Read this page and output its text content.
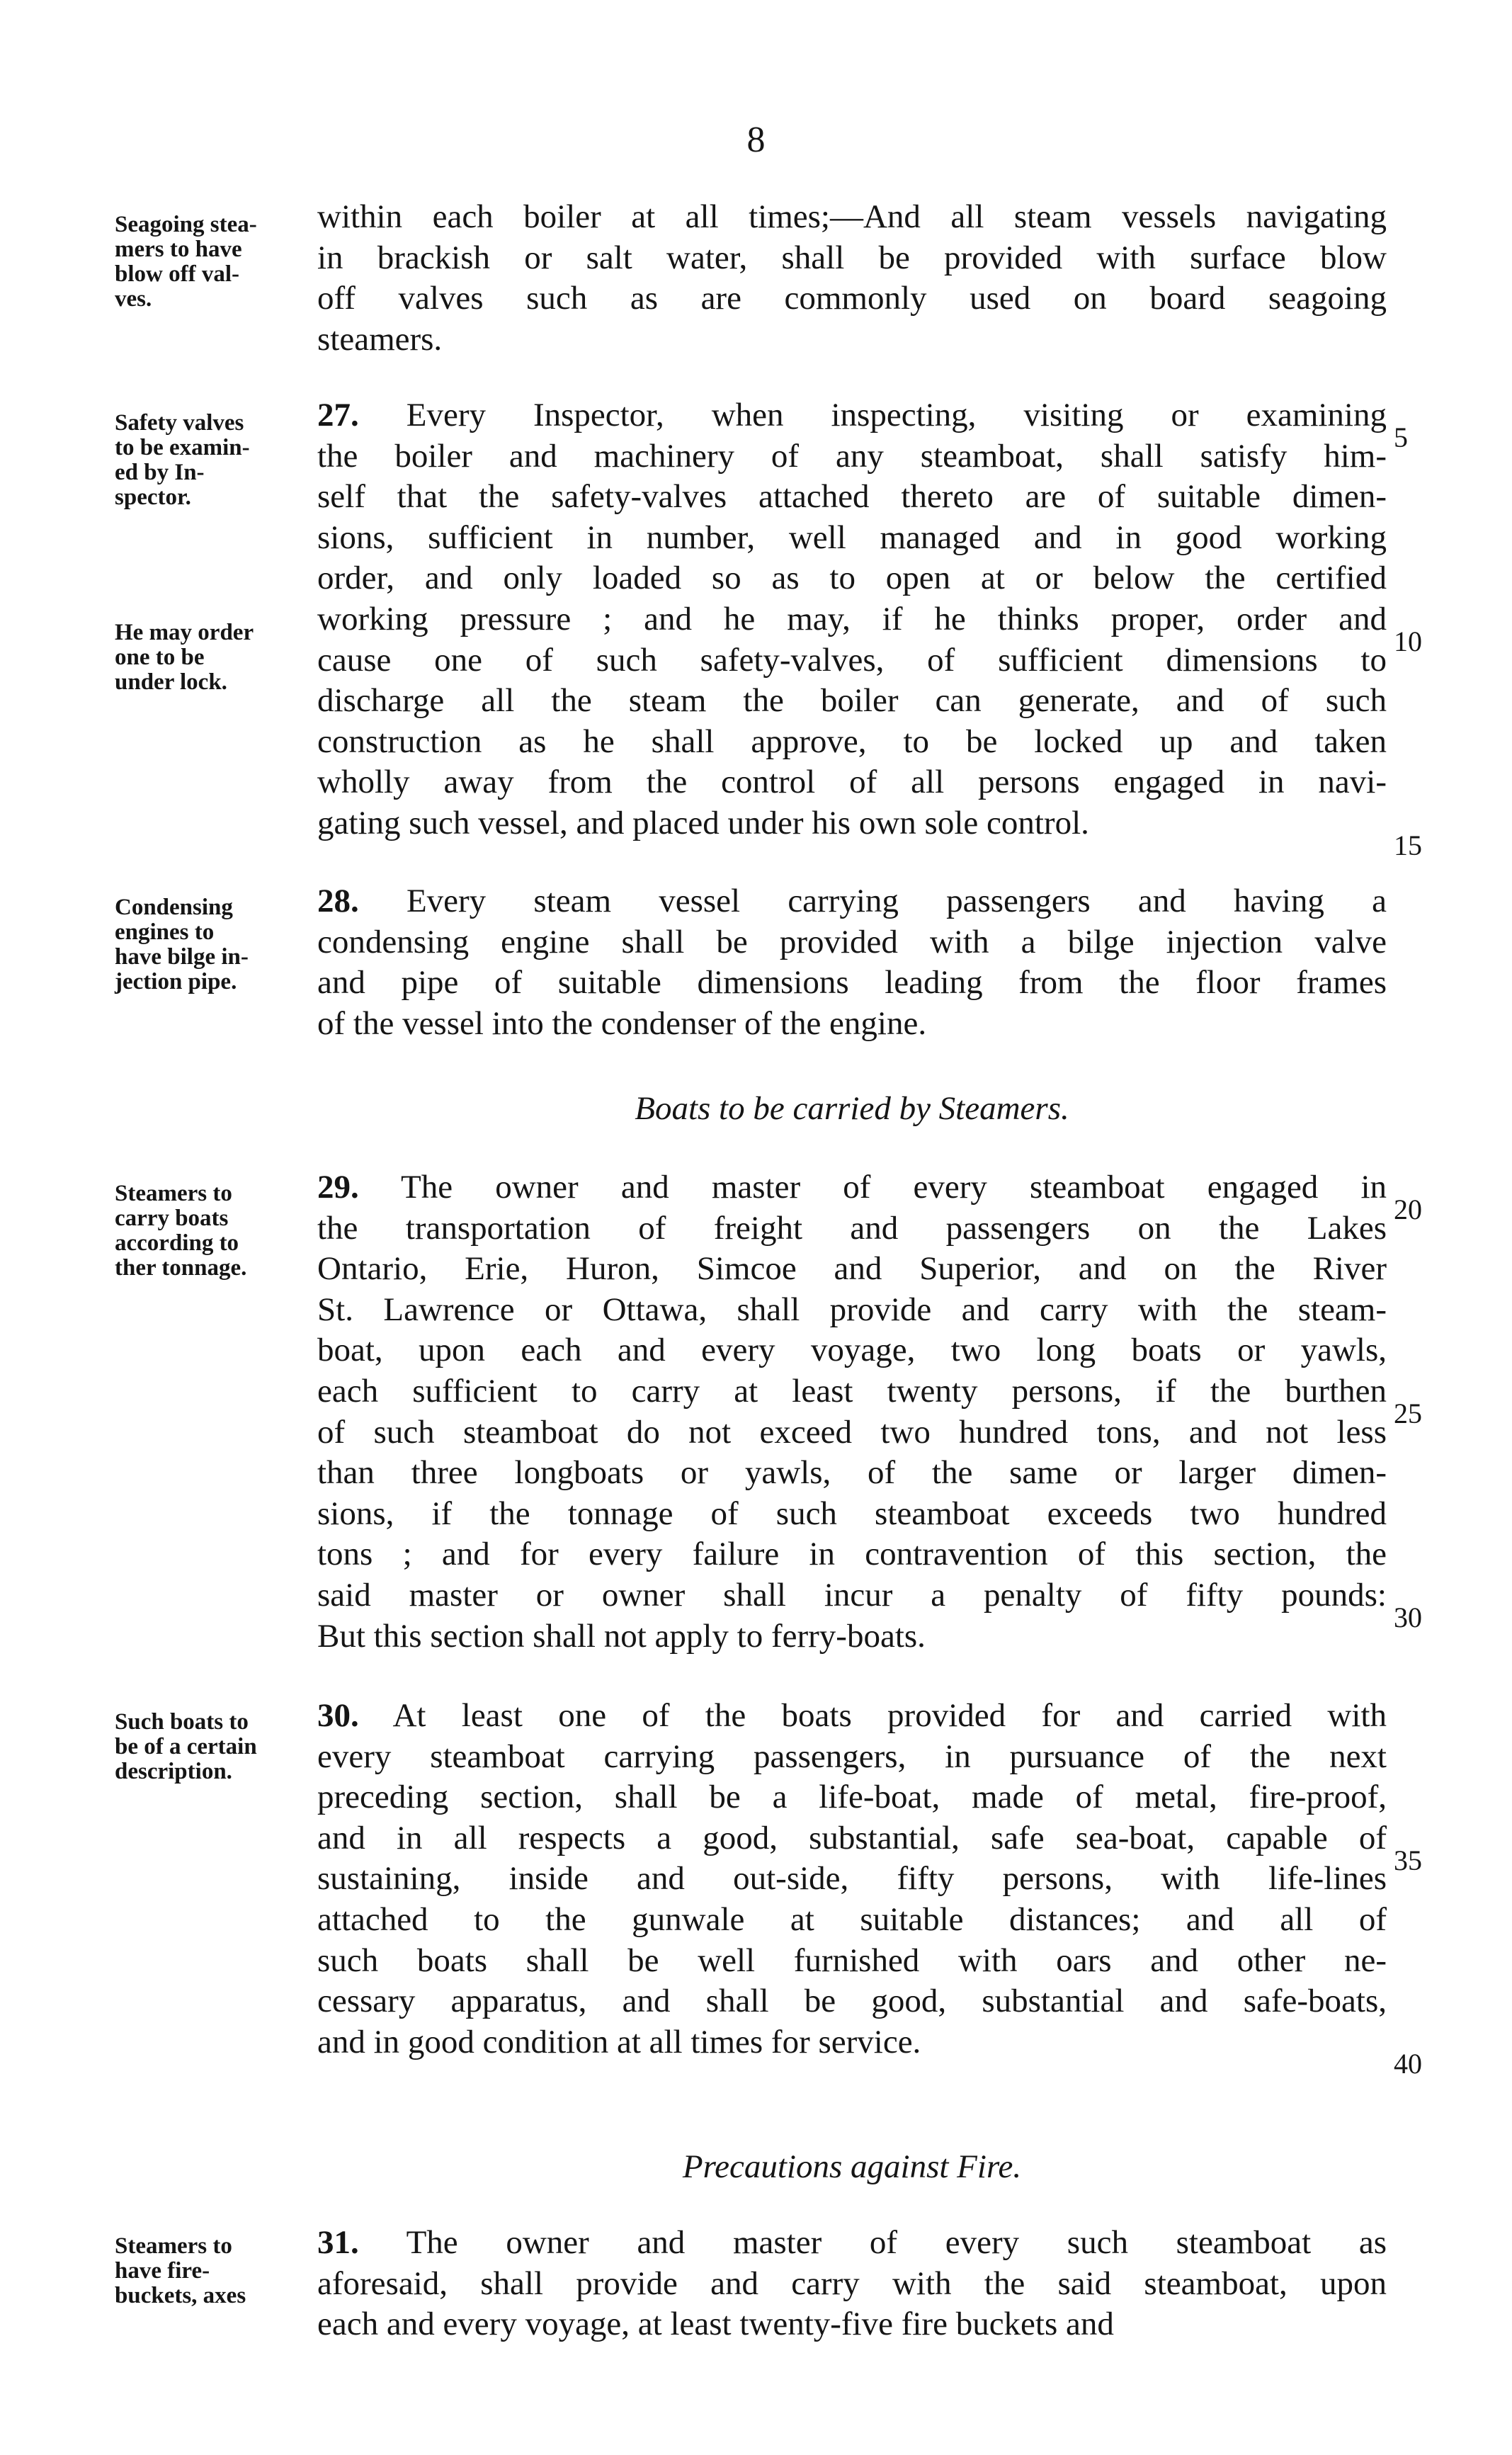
8
Seagoing stea-
mers to have
blow off val-
ves.
within each boiler at all times;—And all steam vessels navigating
in brackish or salt water, shall be provided with surface blow
off valves such as are commonly used on board seagoing
steamers.
Safety valves
to be examin-
ed by In-
spector.
He may order
one to be
under lock.
27. Every Inspector, when inspecting, visiting or examining
the boiler and machinery of any steamboat, shall satisfy him-
self that the safety-valves attached thereto are of suitable dimen-
sions, sufficient in number, well managed and in good working
order, and only loaded so as to open at or below the certified
working pressure ; and he may, if he thinks proper, order and
cause one of such safety-valves, of sufficient dimensions to
discharge all the steam the boiler can generate, and of such
construction as he shall approve, to be locked up and taken
wholly away from the control of all persons engaged in navi-
gating such vessel, and placed under his own sole control.
Condensing
engines to
have bilge in-
jection pipe.
28. Every steam vessel carrying passengers and having a
condensing engine shall be provided with a bilge injection valve
and pipe of suitable dimensions leading from the floor frames
of the vessel into the condenser of the engine.
Boats to be carried by Steamers.
Steamers to
carry boats
according to
ther tonnage.
29. The owner and master of every steamboat engaged in
the transportation of freight and passengers on the Lakes
Ontario, Erie, Huron, Simcoe and Superior, and on the River
St. Lawrence or Ottawa, shall provide and carry with the steam-
boat, upon each and every voyage, two long boats or yawls,
each sufficient to carry at least twenty persons, if the burthen
of such steamboat do not exceed two hundred tons, and not less
than three longboats or yawls, of the same or larger dimen-
sions, if the tonnage of such steamboat exceeds two hundred
tons ; and for every failure in contravention of this section, the
said master or owner shall incur a penalty of fifty pounds:
But this section shall not apply to ferry-boats.
Such boats to
be of a certain
description.
30. At least one of the boats provided for and carried with
every steamboat carrying passengers, in pursuance of the next
preceding section, shall be a life-boat, made of metal, fire-proof,
and in all respects a good, substantial, safe sea-boat, capable of
sustaining, inside and out-side, fifty persons, with life-lines
attached to the gunwale at suitable distances; and all of
such boats shall be well furnished with oars and other ne-
cessary apparatus, and shall be good, substantial and safe-boats,
and in good condition at all times for service.
Precautions against Fire.
Steamers to
have fire-
buckets, axes
31. The owner and master of every such steamboat as
aforesaid, shall provide and carry with the said steamboat, upon
each and every voyage, at least twenty-five fire buckets and
5
10
15
20
25
30
35
40
